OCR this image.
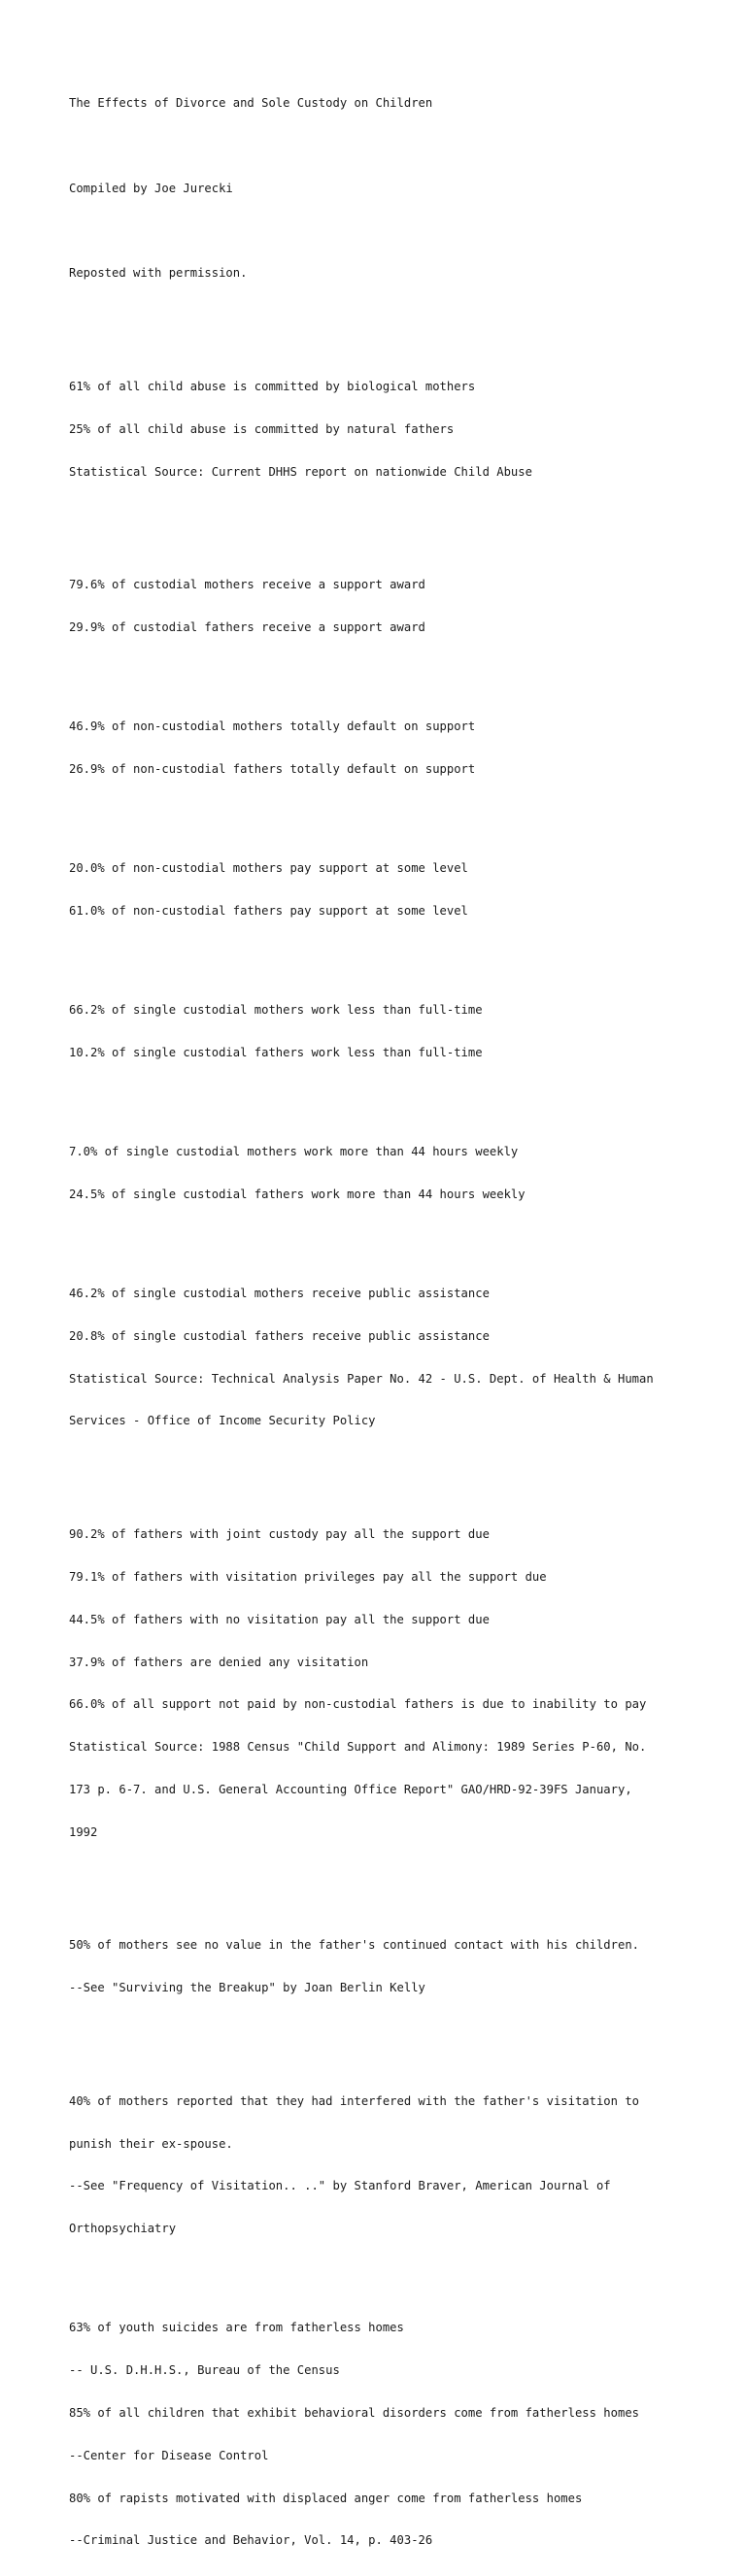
The Effects of Divorce and Sole Custody on Children

Compiled by Joe Jurecki

Reposted with permission.

61% of all child abuse is committed by biological mothers

25% of all child abuse is committed by natural fathers

Statistical Source: Current DHHS report on nationwide Child Abuse

79.6% of custodial mothers receive a support award

29.9% of custodial fathers receive a support award

46.9% of non-custodial mothers totally default on support

26.9% of non-custodial fathers totally default on support

20.0% of non-custodial mothers pay support at some level

61.0% of non-custodial fathers pay support at some level

66.2% of single custodial mothers work less than full-time

10.2% of single custodial fathers work less than full-time

7.0% of single custodial mothers work more than 44 hours weekly

24.5% of single custodial fathers work more than 44 hours weekly

46.2% of single custodial mothers receive public assistance

20.8% of single custodial fathers receive public assistance

Statistical Source: Technical Analysis Paper No. 42 - U.S. Dept. of Health & Human

Services - Office of Income Security Policy

90.2% of fathers with joint custody pay all the support due

79.1% of fathers with visitation privileges pay all the support due

44.5% of fathers with no visitation pay all the support due

37.9% of fathers are denied any visitation

66.0% of all support not paid by non-custodial fathers is due to inability to pay

Statistical Source: 1988 Census "Child Support and Alimony: 1989 Series P-60, No.

173 p. 6-7. and U.S. General Accounting Office Report" GAO/HRD-92-39FS January,

1992

50% of mothers see no value in the father's continued contact with his children.

--See "Surviving the Breakup" by Joan Berlin Kelly

40% of mothers reported that they had interfered with the father's visitation to

punish their ex-spouse.

--See "Frequency of Visitation.. .." by Stanford Braver, American Journal of

Orthopsychiatry

63% of youth suicides are from fatherless homes

-- U.S. D.H.H.S., Bureau of the Census

85% of all children that exhibit behavioral disorders come from fatherless homes

--Center for Disease Control

80% of rapists motivated with displaced anger come from fatherless homes

--Criminal Justice and Behavior, Vol. 14, p. 403-26
